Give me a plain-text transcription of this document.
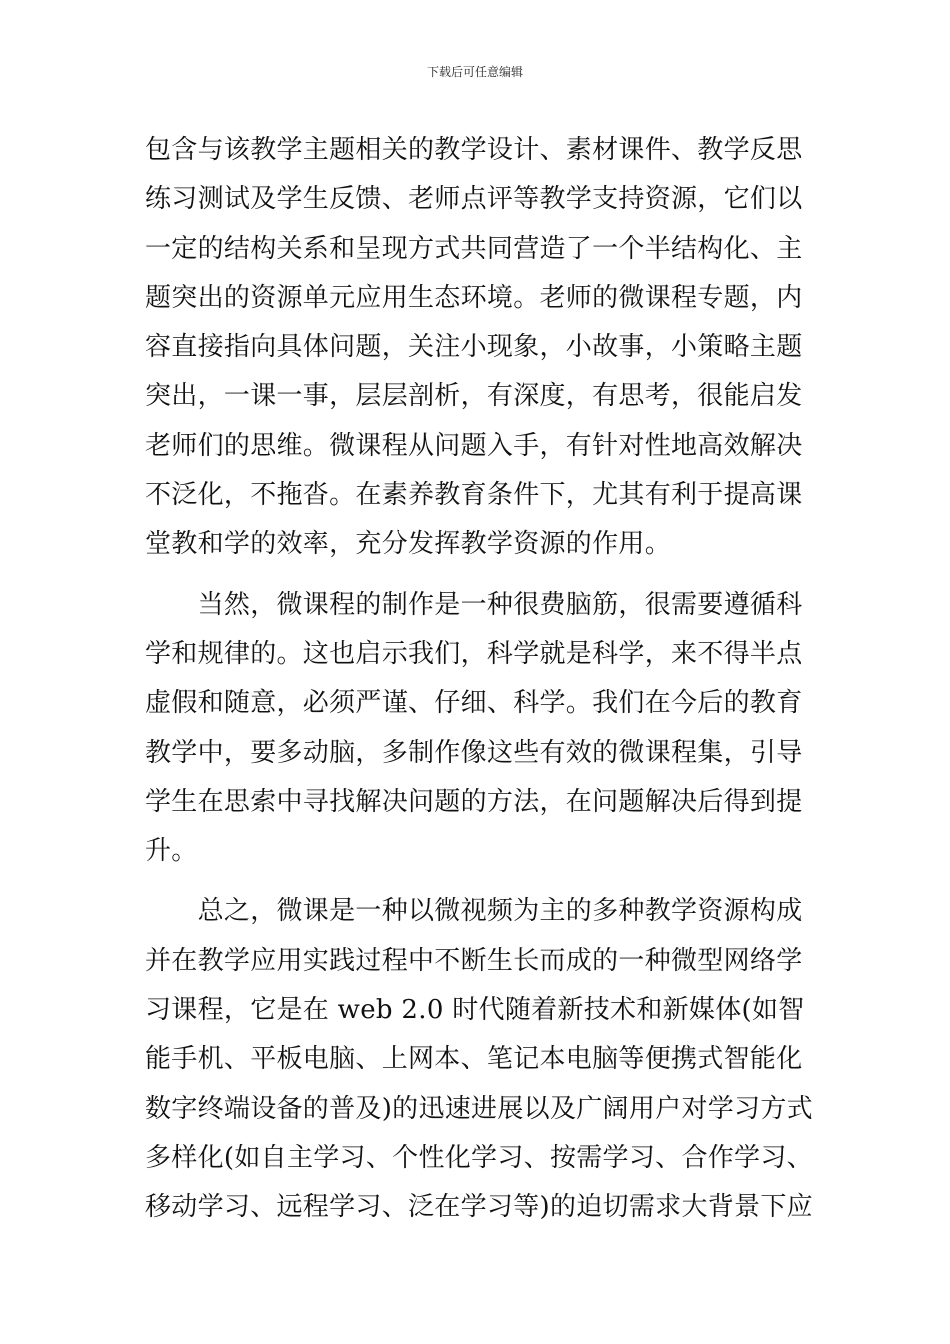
下载后可任意编辑
包含与该教学主题相关的教学设计、素材课件、教学反思
练习测试及学生反馈、老师点评等教学支持资源，它们以
一定的结构关系和呈现方式共同营造了一个半结构化、主
题突出的资源单元应用生态环境。老师的微课程专题，内
容直接指向具体问题，关注小现象，小故事，小策略主题
突出，一课一事，层层剖析，有深度，有思考，很能启发
老师们的思维。微课程从问题入手，有针对性地高效解决
不泛化，不拖沓。在素养教育条件下，尤其有利于提高课
堂教和学的效率，充分发挥教学资源的作用。
　　当然，微课程的制作是一种很费脑筋，很需要遵循科
学和规律的。这也启示我们，科学就是科学，来不得半点
虚假和随意，必须严谨、仔细、科学。我们在今后的教育
教学中，要多动脑，多制作像这些有效的微课程集，引导
学生在思索中寻找解决问题的方法，在问题解决后得到提
升。
　　总之，微课是一种以微视频为主的多种教学资源构成
并在教学应用实践过程中不断生长而成的一种微型网络学
习课程，它是在 web 2.0 时代随着新技术和新媒体(如智
能手机、平板电脑、上网本、笔记本电脑等便携式智能化
数字终端设备的普及)的迅速进展以及广阔用户对学习方式
多样化(如自主学习、个性化学习、按需学习、合作学习、
移动学习、远程学习、泛在学习等)的迫切需求大背景下应
